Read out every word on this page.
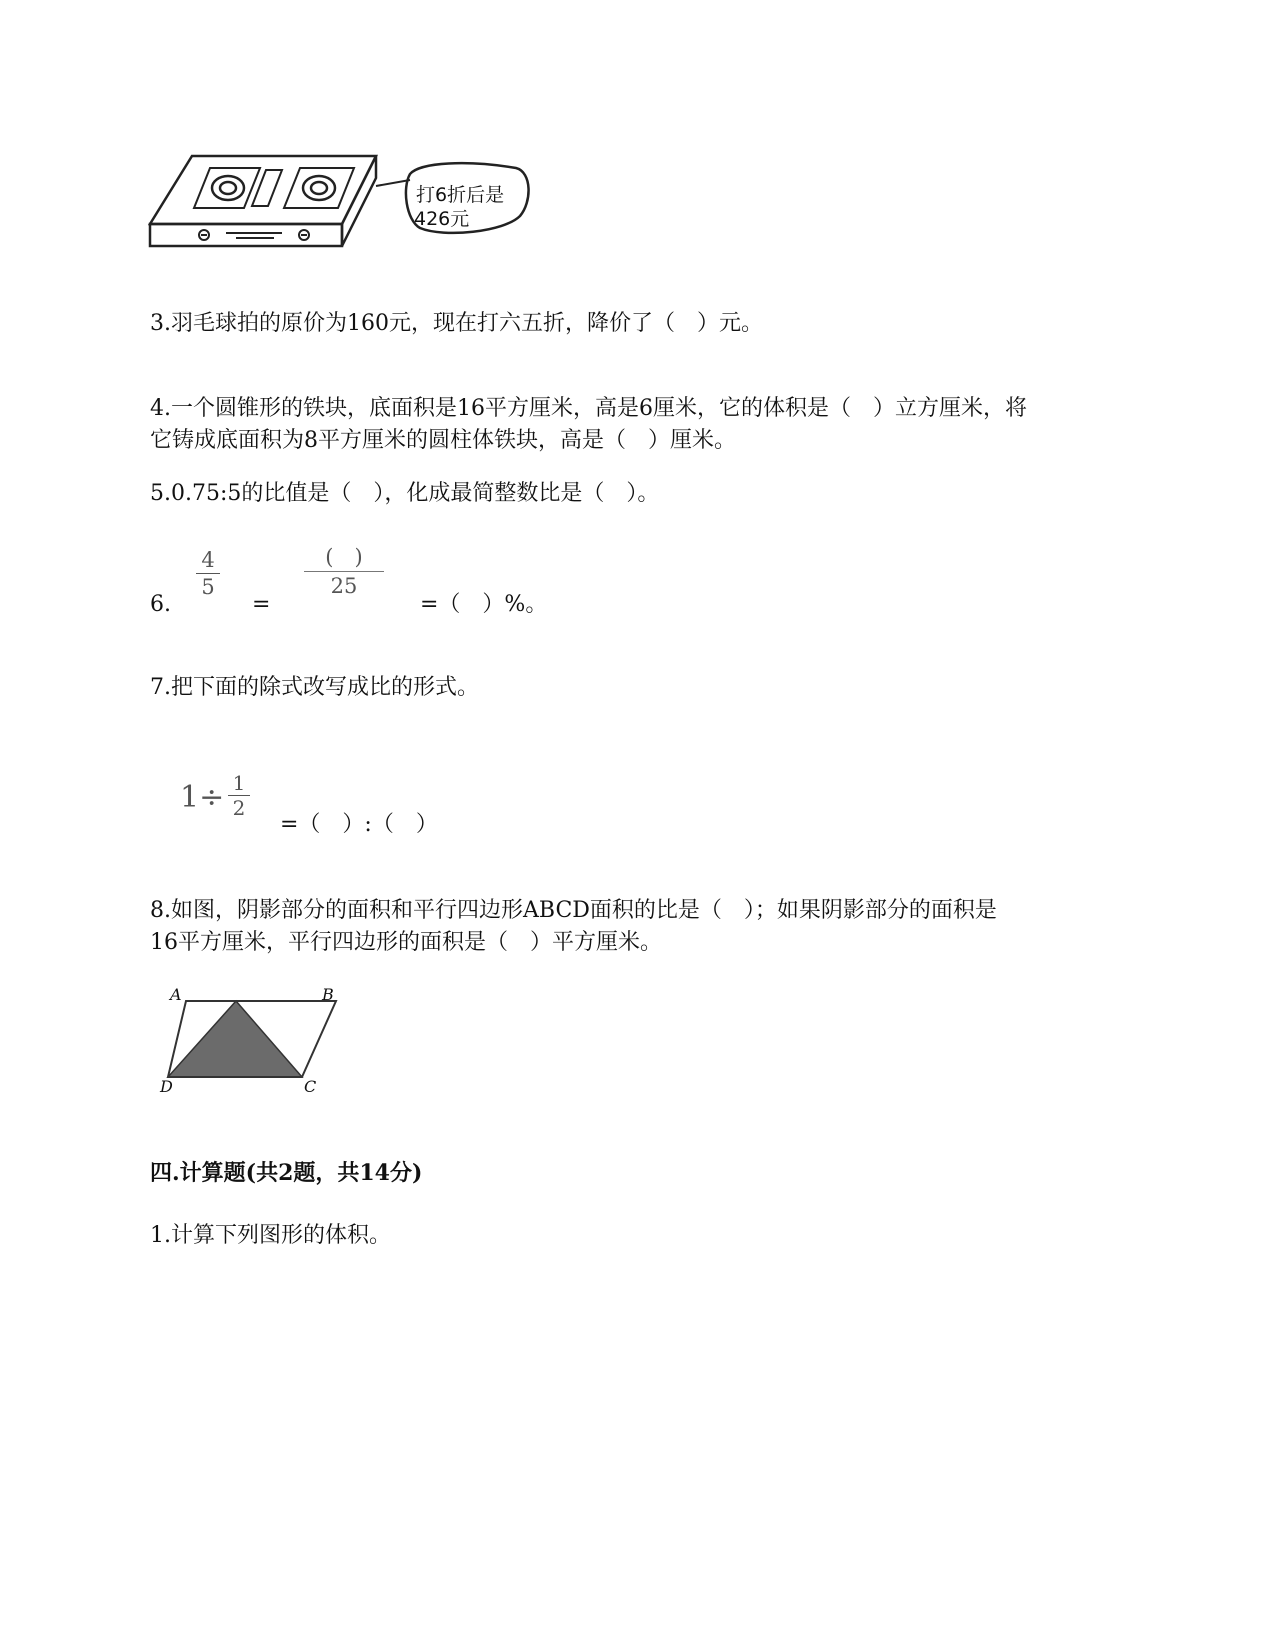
打6折后是
426元
3.羽毛球拍的原价为160元，现在打六五折，降价了（　）元。
4.一个圆锥形的铁块，底面积是16平方厘米，高是6厘米，它的体积是（　）立方厘米，将
它铸成底面积为8平方厘米的圆柱体铁块，高是（　）厘米。
5.0.75:5的比值是（　），化成最简整数比是（　）。
6.
4
5
=
(　)
25
=（　）%。
7.把下面的除式改写成比的形式。
1÷ 1
2
=（　）:（　）
8.如图，阴影部分的面积和平行四边形ABCD面积的比是（　）；如果阴影部分的面积是
16平方厘米，平行四边形的面积是（　）平方厘米。
A	B
D	C
四.计算题(共2题，共14分)
1.计算下列图形的体积。
